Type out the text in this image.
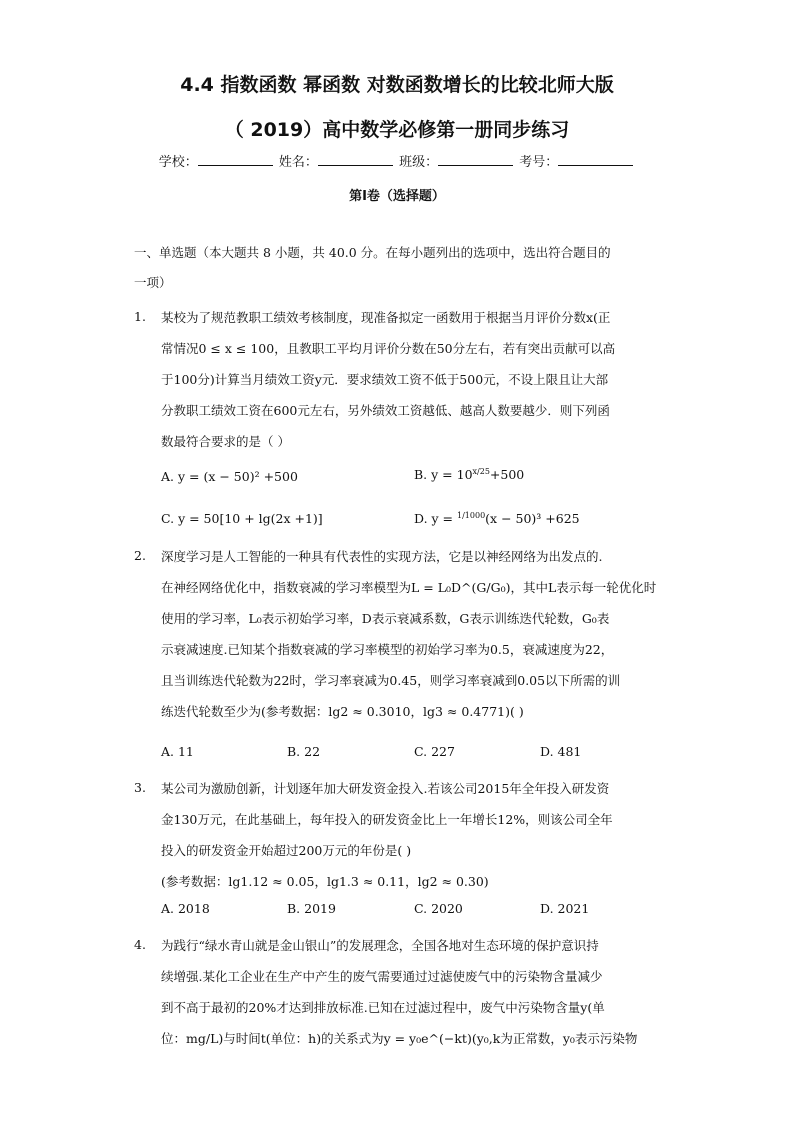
4.4 指数函数 幂函数 对数函数增长的比较北师大版
（ 2019）高中数学必修第一册同步练习
学校：	姓名：	班级：	考号：
第I卷（选择题）
一、单选题（本大题共 8 小题，共 40.0 分。在每小题列出的选项中，选出符合题目的
一项）
1. 某校为了规范教职工绩效考核制度，现准备拟定一函数用于根据当月评价分数x(正

常情况0 ≤ x ≤ 100，且教职工平均月评价分数在50分左右，若有突出贡献可以高

于100分)计算当月绩效工资y元．要求绩效工资不低于500元，不设上限且让大部

分教职工绩效工资在600元左右，另外绩效工资越低、越高人数要越少．则下列函

数最符合要求的是（ ）

A. y = (x − 50)² +500	B. y = 10x/25+500
C. y = 50[10 + lg(2x +1)]	D. y = 1/1000(x − 50)³ +625
2. 深度学习是人工智能的一种具有代表性的实现方法，它是以神经网络为出发点的.

在神经网络优化中，指数衰减的学习率模型为L = L₀D^(G/G₀)，其中L表示每一轮优化时

使用的学习率，L₀表示初始学习率，D表示衰减系数，G表示训练迭代轮数，G₀表

示衰减速度.已知某个指数衰减的学习率模型的初始学习率为0.5，衰减速度为22，

且当训练迭代轮数为22时，学习率衰减为0.45，则学习率衰减到0.05以下所需的训

练迭代轮数至少为(参考数据：lg2 ≈ 0.3010，lg3 ≈ 0.4771)( )

A. 11	B. 22	C. 227	D. 481
3. 某公司为激励创新，计划逐年加大研发资金投入.若该公司2015年全年投入研发资

金130万元，在此基础上，每年投入的研发资金比上一年增长12%，则该公司全年

投入的研发资金开始超过200万元的年份是( )

(参考数据：lg1.12 ≈ 0.05，lg1.3 ≈ 0.11，lg2 ≈ 0.30)

A. 2018	B. 2019	C. 2020	D. 2021
4. 为践行“绿水青山就是金山银山”的发展理念，全国各地对生态环境的保护意识持

续增强.某化工企业在生产中产生的废气需要通过过滤使废气中的污染物含量减少

到不高于最初的20%才达到排放标准.已知在过滤过程中，废气中污染物含量y(单

位：mg/L)与时间t(单位：h)的关系式为y = y₀e^(−kt)(y₀,k为正常数，y₀表示污染物
